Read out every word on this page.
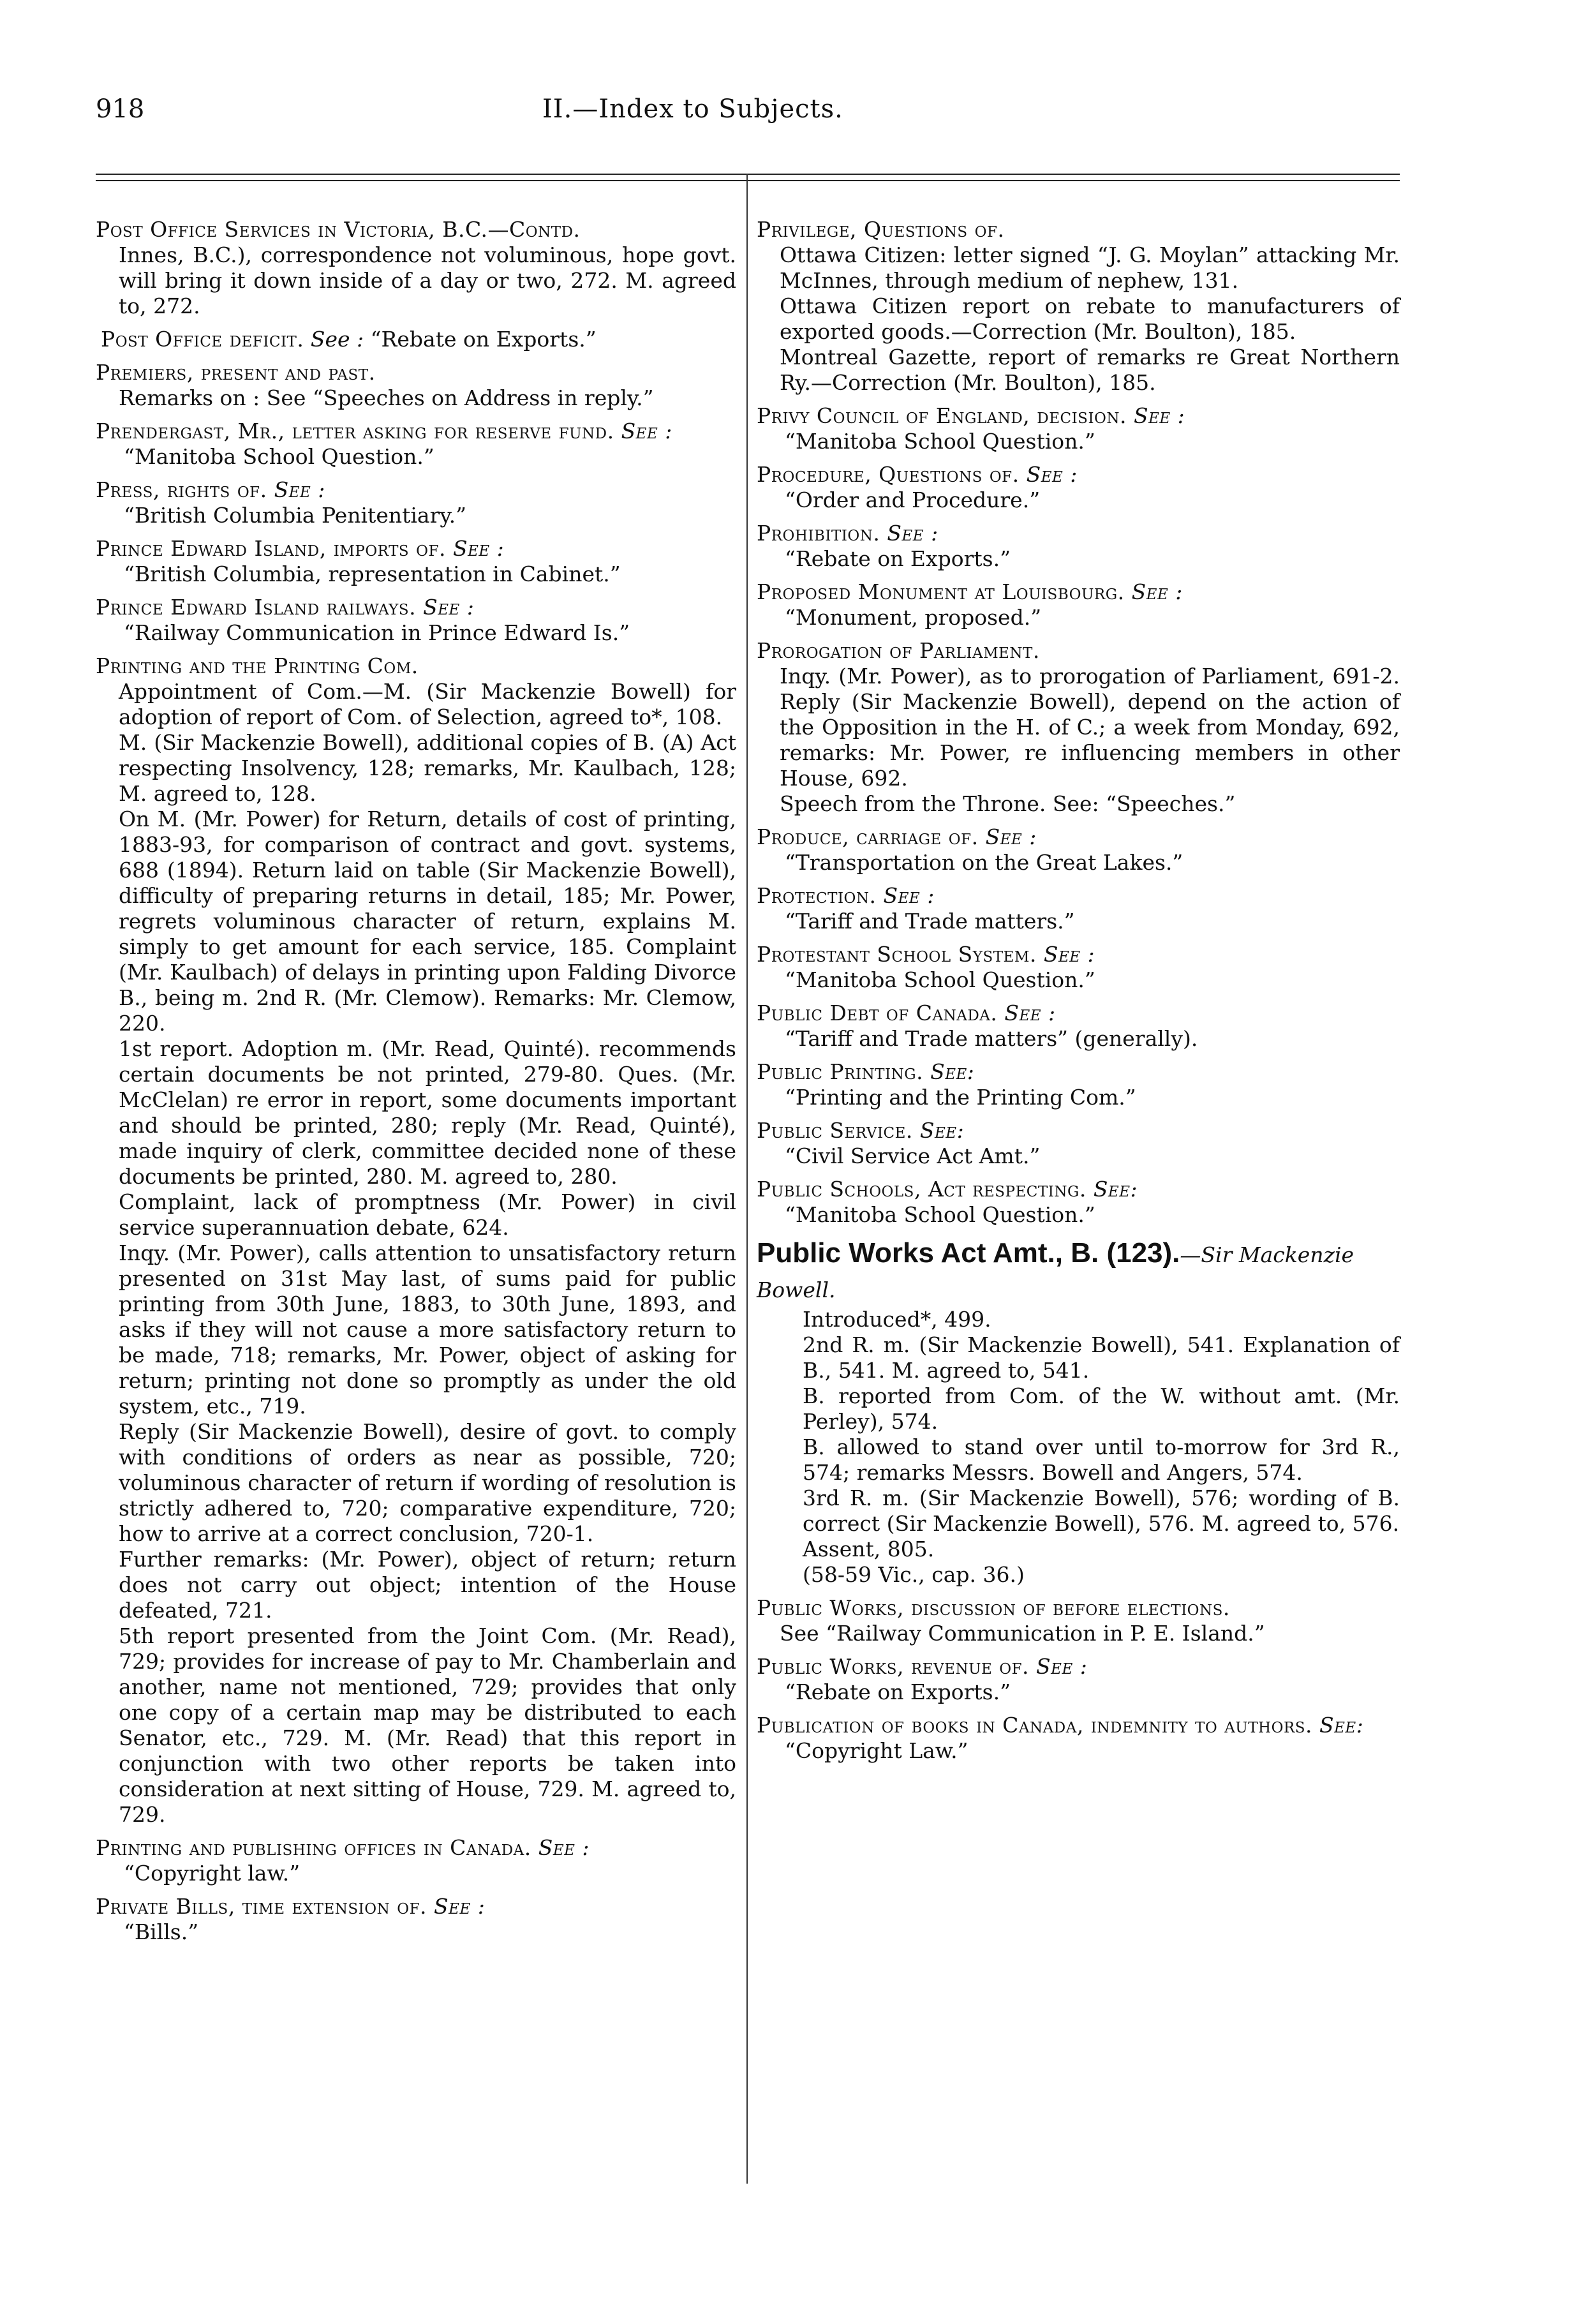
918	II.—Index to Subjects.
Post Office Services in Victoria, B.C.—Contd.
Innes, B.C.), correspondence not voluminous, hope govt. will bring it down inside of a day or two, 272. M. agreed to, 272.
Post Office deficit. See : “Rebate on Exports.”
Premiers, present and past.
Remarks on : See “Speeches on Address in reply.”
Prendergast, Mr., letter asking for reserve fund. See :
“Manitoba School Question.”
Press, rights of. See :
“British Columbia Penitentiary.”
Prince Edward Island, imports of. See :
“British Columbia, representation in Cabinet.”
Prince Edward Island railways. See :
“Railway Communication in Prince Edward Is.”
Printing and the Printing Com.
Appointment of Com.—M. (Sir Mackenzie Bowell) for adoption of report of Com. of Selection, agreed to*, 108.
M. (Sir Mackenzie Bowell), additional copies of B. (A) Act respecting Insolvency, 128; remarks, Mr. Kaulbach, 128; M. agreed to, 128.
On M. (Mr. Power) for Return, details of cost of printing, 1883-93, for comparison of contract and govt. systems, 688 (1894). Return laid on table (Sir Mackenzie Bowell), difficulty of preparing returns in detail, 185; Mr. Power, regrets voluminous character of return, explains M. simply to get amount for each service, 185. Complaint (Mr. Kaulbach) of delays in printing upon Falding Divorce B., being m. 2nd R. (Mr. Clemow). Remarks: Mr. Clemow, 220.
1st report. Adoption m. (Mr. Read, Quinté). recommends certain documents be not printed, 279-80. Ques. (Mr. McClelan) re error in report, some documents important and should be printed, 280; reply (Mr. Read, Quinté), made inquiry of clerk, committee decided none of these documents be printed, 280. M. agreed to, 280.
Complaint, lack of promptness (Mr. Power) in civil service superannuation debate, 624.
Inqy. (Mr. Power), calls attention to unsatisfactory return presented on 31st May last, of sums paid for public printing from 30th June, 1883, to 30th June, 1893, and asks if they will not cause a more satisfactory return to be made, 718; remarks, Mr. Power, object of asking for return; printing not done so promptly as under the old system, etc., 719.
Reply (Sir Mackenzie Bowell), desire of govt. to comply with conditions of orders as near as possible, 720; voluminous character of return if wording of resolution is strictly adhered to, 720; comparative expenditure, 720; how to arrive at a correct conclusion, 720-1.
Further remarks: (Mr. Power), object of return; return does not carry out object; intention of the House defeated, 721.
5th report presented from the Joint Com. (Mr. Read), 729; provides for increase of pay to Mr. Chamberlain and another, name not mentioned, 729; provides that only one copy of a certain map may be distributed to each Senator, etc., 729. M. (Mr. Read) that this report in conjunction with two other reports be taken into consideration at next sitting of House, 729. M. agreed to, 729.
Printing and publishing offices in Canada. See :
“Copyright law.”
Private Bills, time extension of. See :
“Bills.”
Privilege, Questions of.
Ottawa Citizen: letter signed “J. G. Moylan” attacking Mr. McInnes, through medium of nephew, 131.
Ottawa Citizen report on rebate to manufacturers of exported goods.—Correction (Mr. Boulton), 185.
Montreal Gazette, report of remarks re Great Northern Ry.—Correction (Mr. Boulton), 185.
Privy Council of England, decision. See :
“Manitoba School Question.”
Procedure, Questions of. See :
“Order and Procedure.”
Prohibition. See :
“Rebate on Exports.”
Proposed Monument at Louisbourg. See :
“Monument, proposed.”
Prorogation of Parliament.
Inqy. (Mr. Power), as to prorogation of Parliament, 691-2. Reply (Sir Mackenzie Bowell), depend on the action of the Opposition in the H. of C.; a week from Monday, 692, remarks: Mr. Power, re influencing members in other House, 692.
Speech from the Throne. See: “Speeches.”
Produce, carriage of. See :
“Transportation on the Great Lakes.”
Protection. See :
“Tariff and Trade matters.”
Protestant School System. See :
“Manitoba School Question.”
Public Debt of Canada. See :
“Tariff and Trade matters” (generally).
Public Printing. See:
“Printing and the Printing Com.”
Public Service. See:
“Civil Service Act Amt.”
Public Schools, Act respecting. See:
“Manitoba School Question.”
Public Works Act Amt., B. (123).—Sir Mackenzie Bowell.
Introduced*, 499.
2nd R. m. (Sir Mackenzie Bowell), 541. Explanation of B., 541. M. agreed to, 541.
B. reported from Com. of the W. without amt. (Mr. Perley), 574.
B. allowed to stand over until to-morrow for 3rd R., 574; remarks Messrs. Bowell and Angers, 574.
3rd R. m. (Sir Mackenzie Bowell), 576; wording of B. correct (Sir Mackenzie Bowell), 576. M. agreed to, 576.
Assent, 805.
(58-59 Vic., cap. 36.)
Public Works, discussion of before elections.
See “Railway Communication in P. E. Island.”
Public Works, revenue of. See :
“Rebate on Exports.”
Publication of books in Canada, indemnity to authors. See:
“Copyright Law.”
